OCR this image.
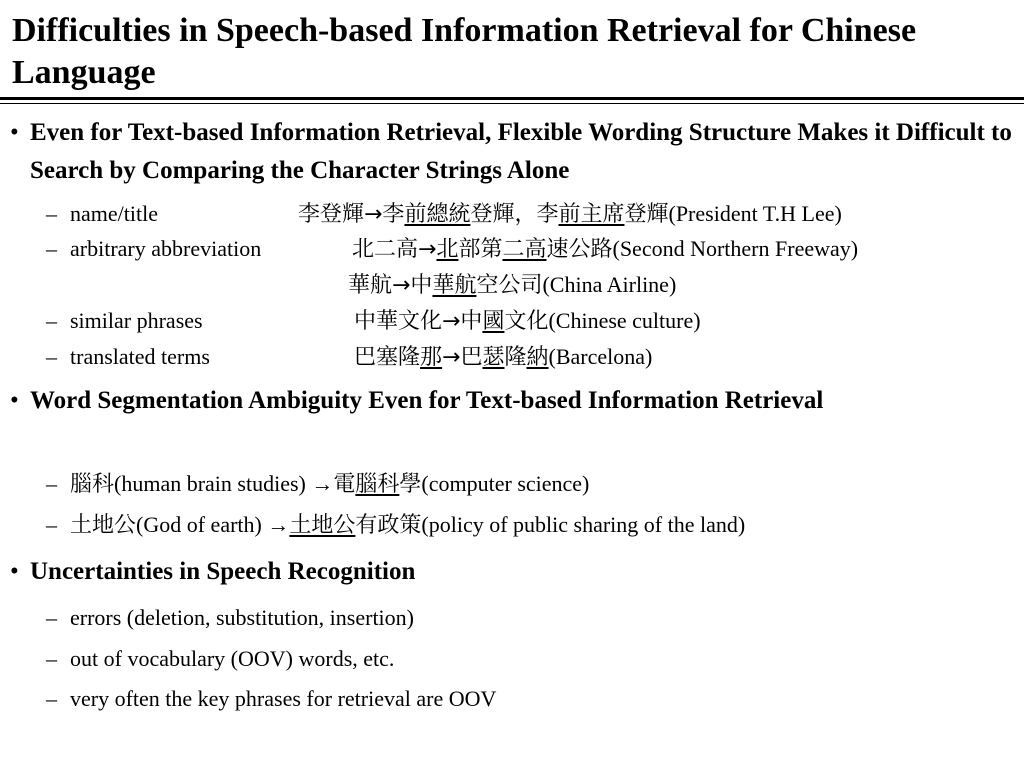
Difficulties in Speech-based Information Retrieval for Chinese Language
• Even for Text-based Information Retrieval, Flexible Wording Structure Makes it Difficult to Search by Comparing the Character Strings Alone
– name/title	李登輝→李前總統登輝，李前主席登輝(President T.H Lee)
– arbitrary abbreviation	北二高→北部第二高速公路(Second Northern Freeway)
華航→中華航空公司(China Airline)
– similar phrases	中華文化→中國文化(Chinese culture)
– translated terms	巴塞隆那→巴瑟隆納(Barcelona)
• Word Segmentation Ambiguity Even for Text-based Information Retrieval
– 腦科(human brain studies) →電腦科學(computer science)
– 土地公(God of earth) →土地公有政策(policy of public sharing of the land)
• Uncertainties in Speech Recognition
– errors (deletion, substitution, insertion)
– out of vocabulary (OOV) words, etc.
– very often the key phrases for retrieval are OOV
